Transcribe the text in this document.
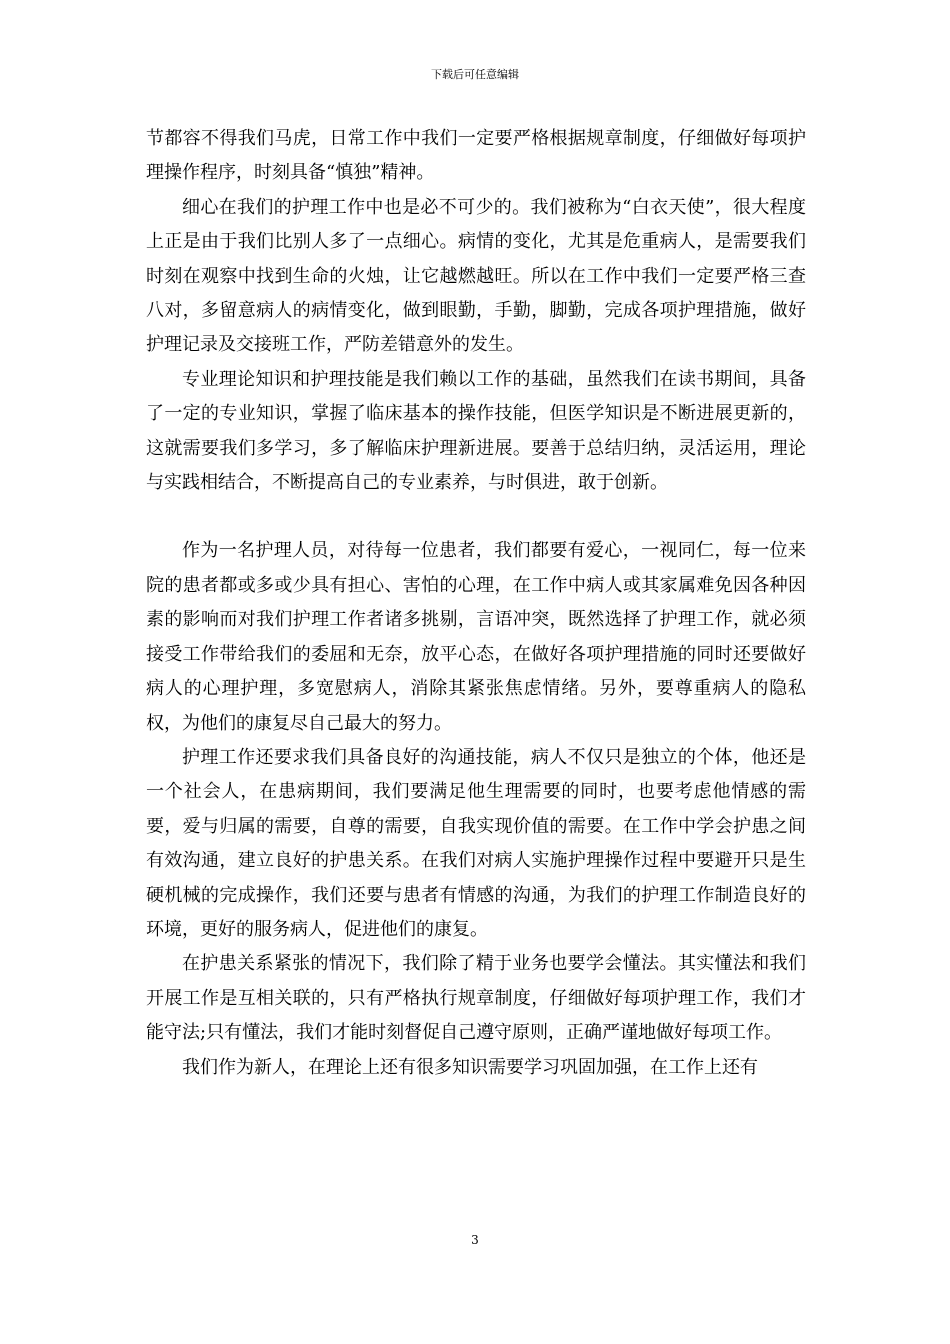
下载后可任意编辑

节都容不得我们马虎，日常工作中我们一定要严格根据规章制度，仔细做好每项护理操作程序，时刻具备“慎独”精神。

细心在我们的护理工作中也是必不可少的。我们被称为“白衣天使”，很大程度上正是由于我们比别人多了一点细心。病情的变化，尤其是危重病人，是需要我们时刻在观察中找到生命的火烛，让它越燃越旺。所以在工作中我们一定要严格三查八对，多留意病人的病情变化，做到眼勤，手勤，脚勤，完成各项护理措施，做好护理记录及交接班工作，严防差错意外的发生。

专业理论知识和护理技能是我们赖以工作的基础，虽然我们在读书期间，具备了一定的专业知识，掌握了临床基本的操作技能，但医学知识是不断进展更新的，这就需要我们多学习，多了解临床护理新进展。要善于总结归纳，灵活运用，理论与实践相结合，不断提高自己的专业素养，与时俱进，敢于创新。

作为一名护理人员，对待每一位患者，我们都要有爱心，一视同仁，每一位来院的患者都或多或少具有担心、害怕的心理，在工作中病人或其家属难免因各种因素的影响而对我们护理工作者诸多挑剔，言语冲突，既然选择了护理工作，就必须接受工作带给我们的委屈和无奈，放平心态，在做好各项护理措施的同时还要做好病人的心理护理，多宽慰病人，消除其紧张焦虑情绪。另外，要尊重病人的隐私权，为他们的康复尽自己最大的努力。

护理工作还要求我们具备良好的沟通技能，病人不仅只是独立的个体，他还是一个社会人，在患病期间，我们要满足他生理需要的同时，也要考虑他情感的需要，爱与归属的需要，自尊的需要，自我实现价值的需要。在工作中学会护患之间有效沟通，建立良好的护患关系。在我们对病人实施护理操作过程中要避开只是生硬机械的完成操作，我们还要与患者有情感的沟通，为我们的护理工作制造良好的环境，更好的服务病人，促进他们的康复。

在护患关系紧张的情况下，我们除了精于业务也要学会懂法。其实懂法和我们开展工作是互相关联的，只有严格执行规章制度，仔细做好每项护理工作，我们才能守法;只有懂法，我们才能时刻督促自己遵守原则，正确严谨地做好每项工作。

我们作为新人，在理论上还有很多知识需要学习巩固加强，在工作上还有

3
